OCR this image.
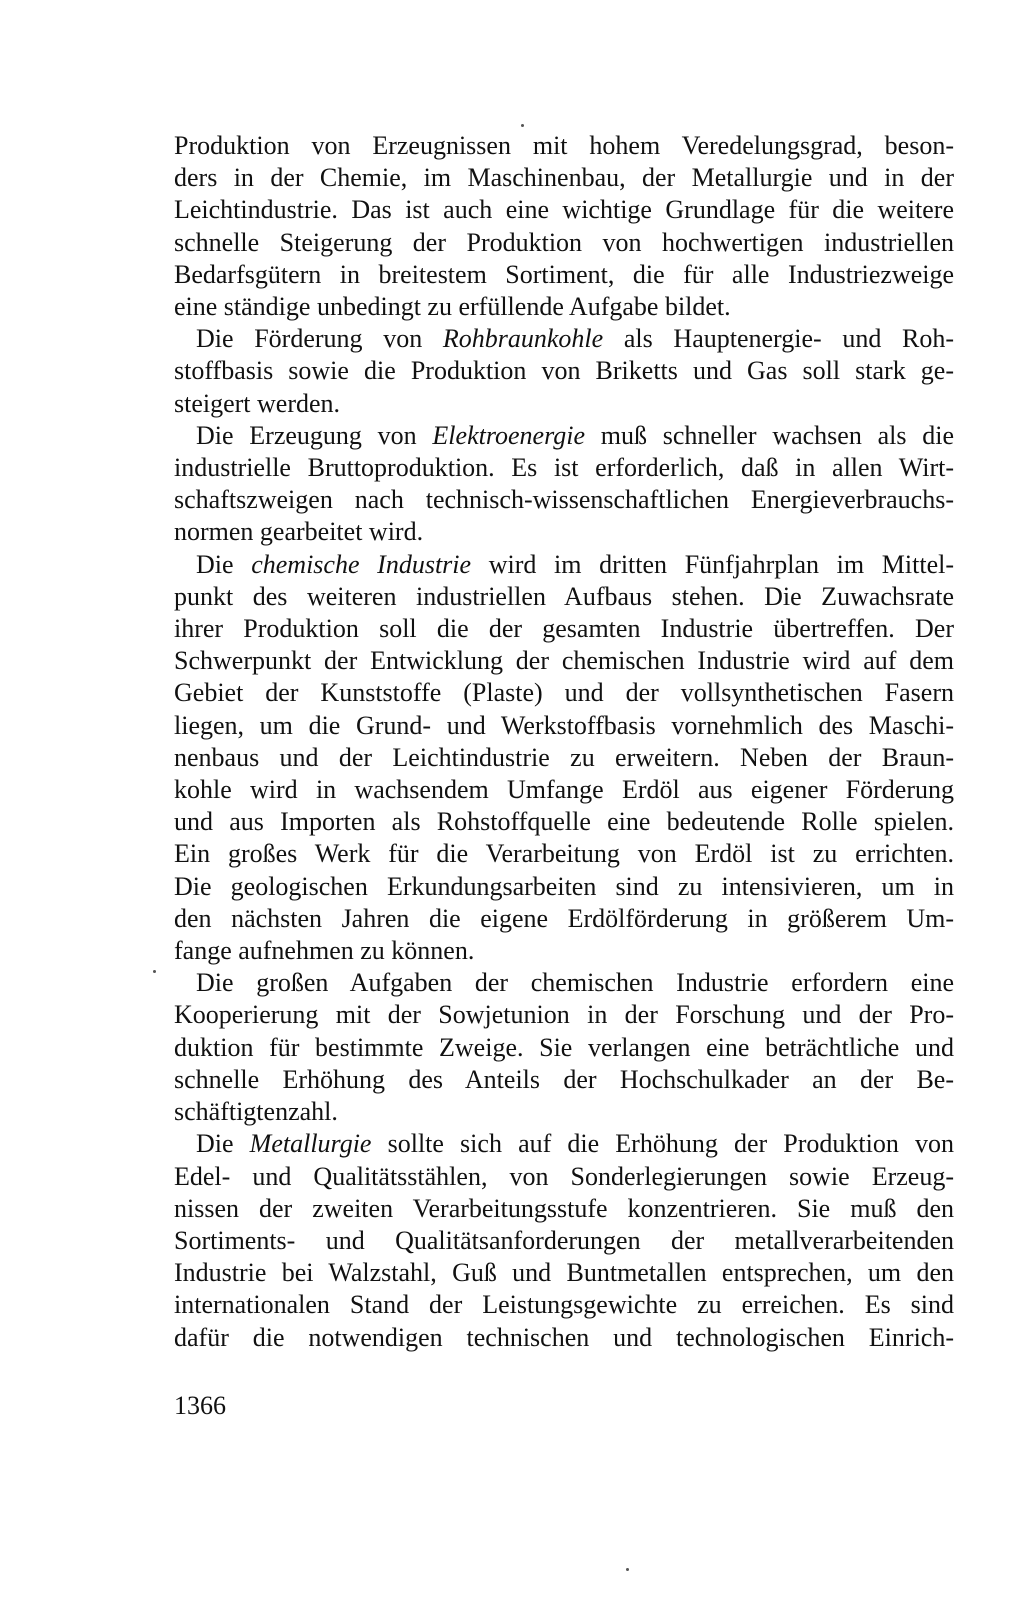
Produktion von Erzeugnissen mit hohem Veredelungsgrad, beson-
ders in der Chemie, im Maschinenbau, der Metallurgie und in der
Leichtindustrie. Das ist auch eine wichtige Grundlage für die weitere
schnelle Steigerung der Produktion von hochwertigen industriellen
Bedarfsgütern in breitestem Sortiment, die für alle Industriezweige
eine ständige unbedingt zu erfüllende Aufgabe bildet.
Die Förderung von Rohbraunkohle als Hauptenergie- und Roh-
stoffbasis sowie die Produktion von Briketts und Gas soll stark ge-
steigert werden.
Die Erzeugung von Elektroenergie muß schneller wachsen als die
industrielle Bruttoproduktion. Es ist erforderlich, daß in allen Wirt-
schaftszweigen nach technisch-wissenschaftlichen Energieverbrauchs-
normen gearbeitet wird.
Die chemische Industrie wird im dritten Fünfjahrplan im Mittel-
punkt des weiteren industriellen Aufbaus stehen. Die Zuwachsrate
ihrer Produktion soll die der gesamten Industrie übertreffen. Der
Schwerpunkt der Entwicklung der chemischen Industrie wird auf dem
Gebiet der Kunststoffe (Plaste) und der vollsynthetischen Fasern
liegen, um die Grund- und Werkstoffbasis vornehmlich des Maschi-
nenbaus und der Leichtindustrie zu erweitern. Neben der Braun-
kohle wird in wachsendem Umfange Erdöl aus eigener Förderung
und aus Importen als Rohstoffquelle eine bedeutende Rolle spielen.
Ein großes Werk für die Verarbeitung von Erdöl ist zu errichten.
Die geologischen Erkundungsarbeiten sind zu intensivieren, um in
den nächsten Jahren die eigene Erdölförderung in größerem Um-
fange aufnehmen zu können.
Die großen Aufgaben der chemischen Industrie erfordern eine
Kooperierung mit der Sowjetunion in der Forschung und der Pro-
duktion für bestimmte Zweige. Sie verlangen eine beträchtliche und
schnelle Erhöhung des Anteils der Hochschulkader an der Be-
schäftigtenzahl.
Die Metallurgie sollte sich auf die Erhöhung der Produktion von
Edel- und Qualitätsstählen, von Sonderlegierungen sowie Erzeug-
nissen der zweiten Verarbeitungsstufe konzentrieren. Sie muß den
Sortiments- und Qualitätsanforderungen der metallverarbeitenden
Industrie bei Walzstahl, Guß und Buntmetallen entsprechen, um den
internationalen Stand der Leistungsgewichte zu erreichen. Es sind
dafür die notwendigen technischen und technologischen Einrich-
1366
